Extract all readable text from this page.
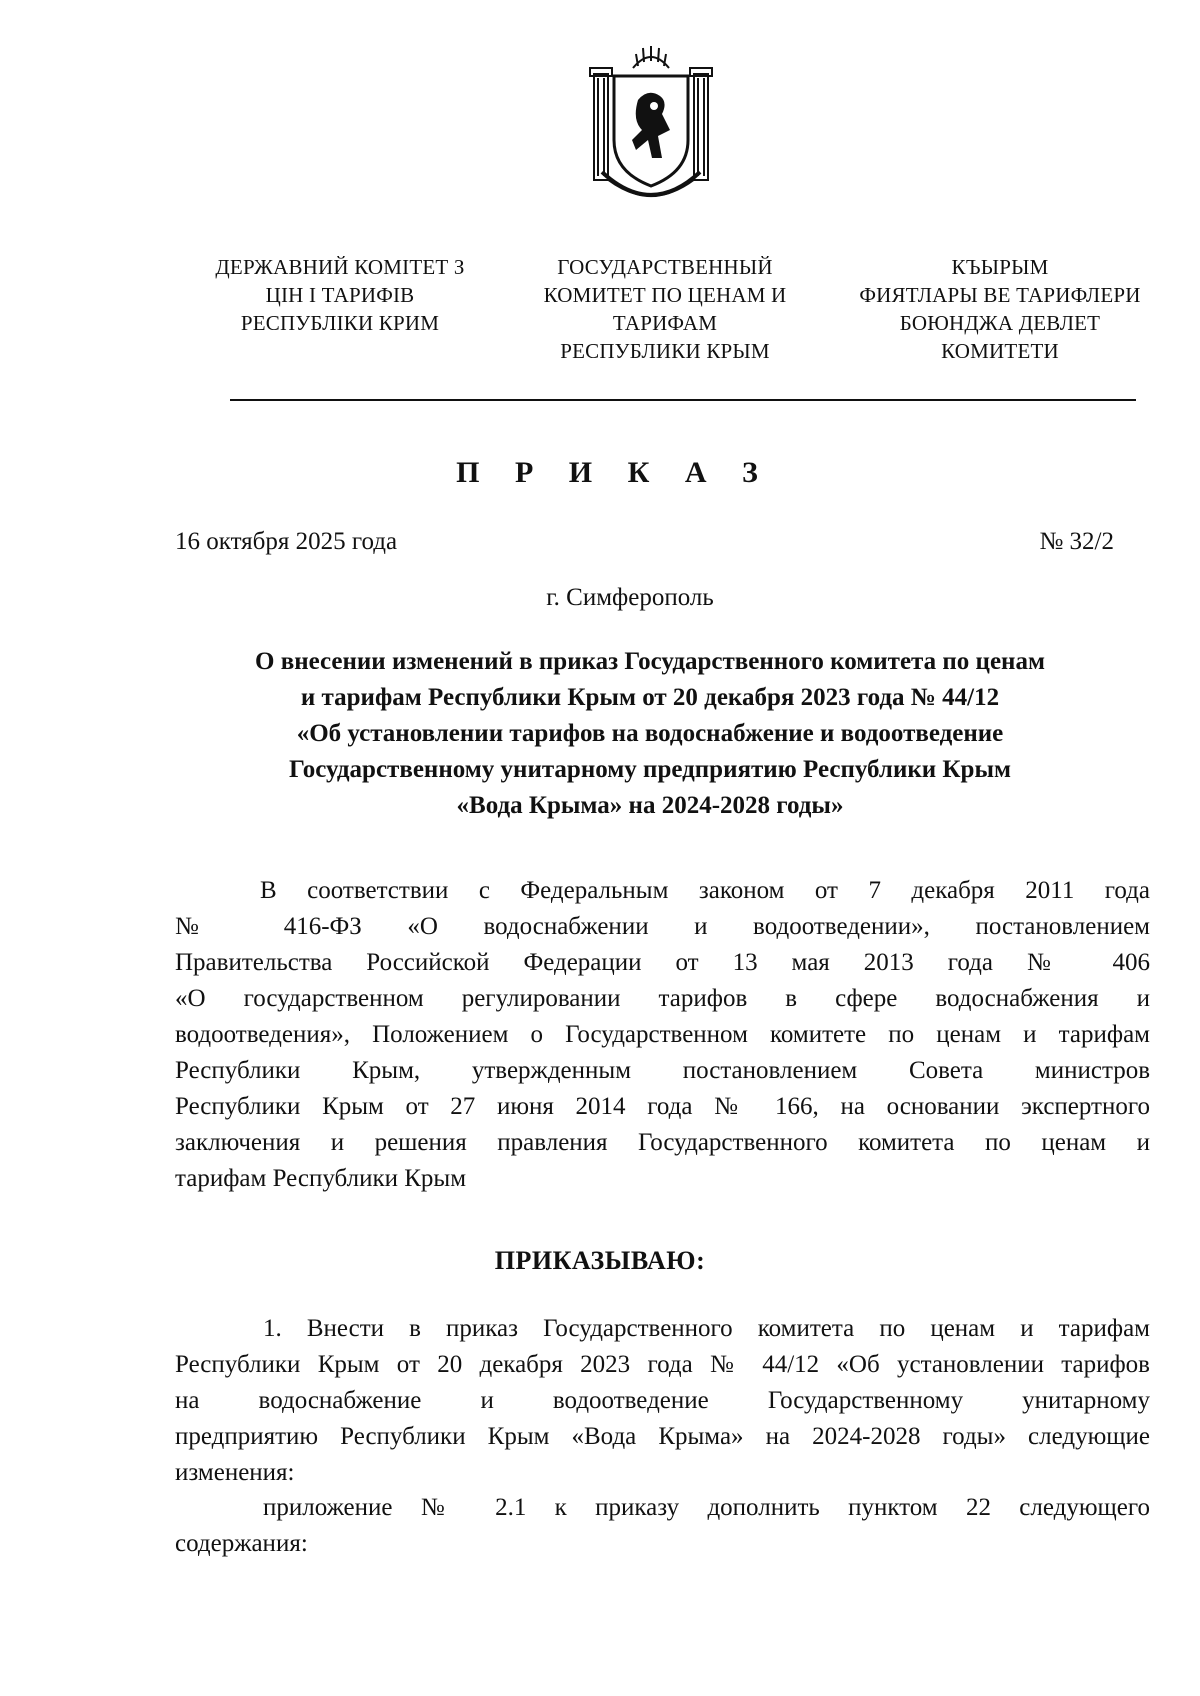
ДЕРЖАВНИЙ КОМІТЕТ З
ЦІН І ТАРИФІВ
РЕСПУБЛІКИ КРИМ
ГОСУДАРСТВЕННЫЙ
КОМИТЕТ ПО ЦЕНАМ И
ТАРИФАМ
РЕСПУБЛИКИ КРЫМ
КЪЫРЫМ
ФИЯТЛАРЫ ВЕ ТАРИФЛЕРИ
БОЮНДЖА ДЕВЛЕТ
КОМИТЕТИ
П Р И К А З
16 октября 2025 года	№ 32/2
г. Симферополь
О внесении изменений в приказ Государственного комитета по ценам
и тарифам Республики Крым от 20 декабря 2023 года № 44/12
«Об установлении тарифов на водоснабжение и водоотведение
Государственному унитарному предприятию Республики Крым
«Вода Крыма» на 2024-2028 годы»
В соответствии с Федеральным законом от 7 декабря 2011 года
№ 416-ФЗ «О водоснабжении и водоотведении», постановлением
Правительства Российской Федерации от 13 мая 2013 года № 406
«О государственном регулировании тарифов в сфере водоснабжения и
водоотведения», Положением о Государственном комитете по ценам и тарифам
Республики Крым, утвержденным постановлением Совета министров
Республики Крым от 27 июня 2014 года № 166, на основании экспертного
заключения и решения правления Государственного комитета по ценам и
тарифам Республики Крым
ПРИКАЗЫВАЮ:
1. Внести в приказ Государственного комитета по ценам и тарифам
Республики Крым от 20 декабря 2023 года № 44/12 «Об установлении тарифов
на водоснабжение и водоотведение Государственному унитарному
предприятию Республики Крым «Вода Крыма» на 2024-2028 годы» следующие
изменения:
приложение № 2.1 к приказу дополнить пунктом 22 следующего
содержания:
